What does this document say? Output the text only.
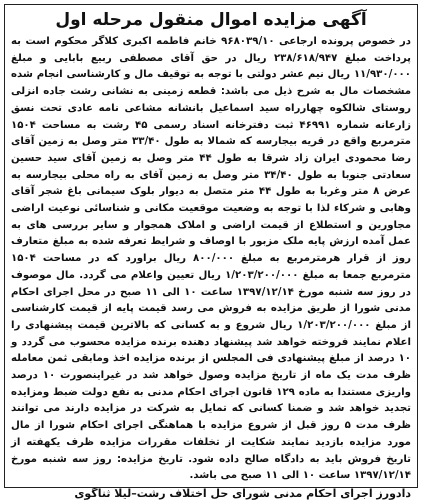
آگهی مزایده اموال منقول مرحله اول

در خصوص پرونده ارجاعی ۹۶۸۰۳۹/۱۰ خانم فاطمه اکبری کلاگر محکوم است به پرداخت مبلغ ۲۳۸/۶۱۸/۹۴۷ ریال در حق آقای مصطفی ربیع بابایی و مبلغ ۱۱/۹۳۰/۰۰۰ ریال نیم عشر دولتی با توجه به توقیف مال و کارشناسی انجام شده مشخصات مال به شرح ذیل می باشد: قطعه زمینی به نشانی رشت جاده انزلی روستای شالکوه چهارراه سید اسماعیل بانشانه مشاعی نامه عادی تحت نسق زارعانه شماره ۴۶۹۹۱ ثبت دفترخانه اسناد رسمی ۴۵ رشت به مساحت ۱۵۰۴ مترمربع واقع در قریه بیجارسه که شمالا به طول ۳۳/۴۰ متر وصل به زمین آقای رضا محمودی ایران زاد شرقا به طول ۴۴ متر وصل به زمین آقای سید حسین سعادتی جنوبا به طول ۳۴/۴۰ متر وصل به زمین آقای به راه محلی بیجارسه به عرض ۸ متر وغربا به طول ۴۴ متر متصل به دیوار بلوک سیمانی باغ شجر آقای وهابی و شرکاء لذا با توجه به وضعیت موقعیت مکانی و شناسائی نوعیت اراضی مجاورین و استطلاع از قیمت اراضی و املاک همجوار و سایر بررسی های به عمل آمده ارزش پایه ملک مزبور با اوصاف و شرایط تعرفه شده به مبلغ متعارف روز از قرار هرمترمربع به مبلغ ۸۰۰/۰۰۰ ریال براورد که در مساحت ۱۵۰۴ مترمربع جمعا به مبلغ ۱/۲۰۳/۲۰۰/۰۰۰ ریال تعیین واعلام می گردد. مال موصوف در روز سه شنبه مورخ ۱۳۹۷/۱۲/۱۴ ساعت ۱۰ الی ۱۱ صبح در محل اجرای احکام مدنی شورا از طریق مزایده به فروش می رسد قیمت پایه از قیمت کارشناسی از مبلغ ۱/۲۰۳/۲۰۰/۰۰۰ ریال شروع و به کسانی که بالاترین قیمت پیشنهادی را اعلام نمایند فروخته خواهد شد پیشنهاد دهنده برنده مزایده محسوب می گردد و ۱۰ درصد از مبلغ پیشنهادی فی المجلس از برنده مزایده اخذ ومابقی ثمن معامله ظرف مدت یک ماه از تاریخ مزایده وصول خواهد شد در غیراینصورت ۱۰ درصد واریزی مستندا به ماده ۱۲۹ قانون اجرای احکام مدنی به نفع دولت ضبط ومزایده تجدید خواهد شد و ضمنا کسانی که تمایل به شرکت در مزایده دارند می توانند ظرف مدت ۵ روز قبل از شروع مزایده با هماهنگی اجرای احکام شورا از مال مورد مزایده بازدید نمایند شکایت از تخلفات مقررات مزایده ظرف یکهفته از تاریخ فروش باید به دادگاه صالح داده شود. تاریخ مزایده: روز سه شنبه مورخ ۱۳۹۷/۱۲/۱۴ ساعت ۱۰ الی ۱۱ صبح می باشد.

دادورز اجرای احکام مدنی شورای حل اختلاف رشت–لیلا ثناگوی
